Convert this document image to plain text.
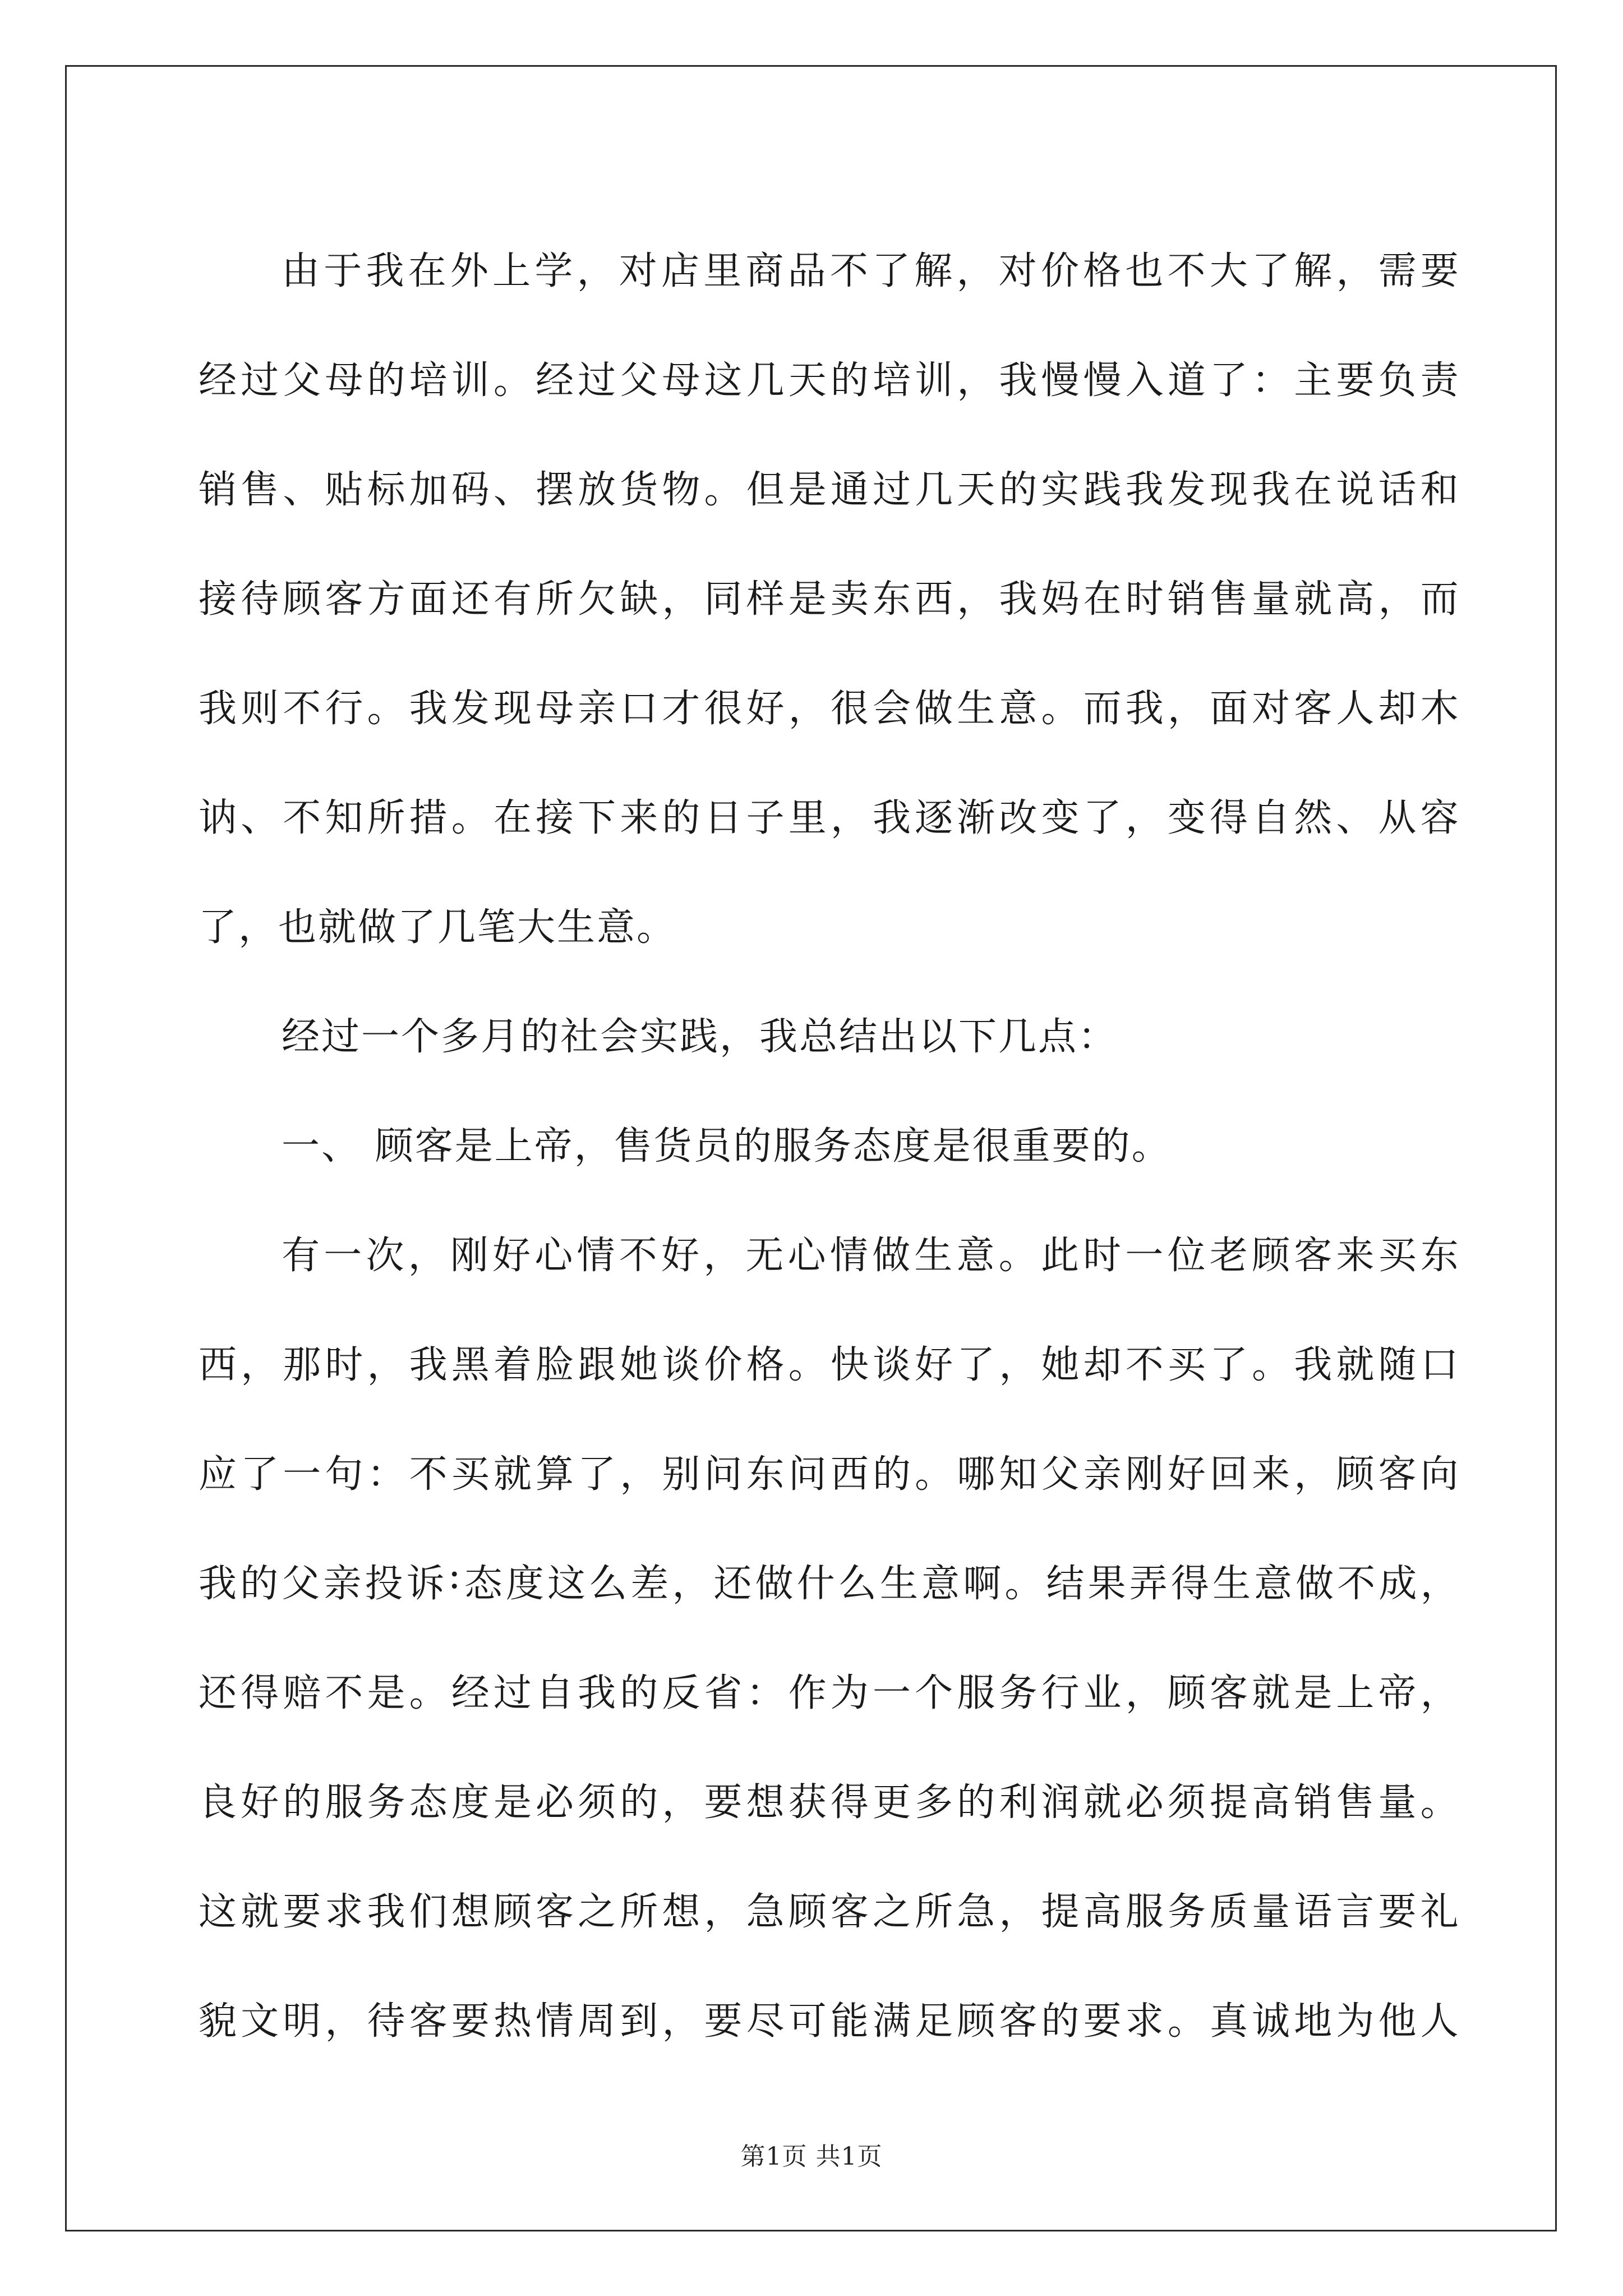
由 于 我 在 外 上 学 ， 对 店 里 商 品 不 了 解 ， 对 价 格 也 不 大 了 解 ， 需 要
经 过 父 母 的 培 训 。 经 过 父 母 这 几 天 的 培 训 ， 我 慢 慢 入 道 了 ： 主 要 负 责
销 售 、 贴 标 加 码 、 摆 放 货 物 。 但 是 通 过 几 天 的 实 践 我 发 现 我 在 说 话 和
接 待 顾 客 方 面 还 有 所 欠 缺 ， 同 样 是 卖 东 西 ， 我 妈 在 时 销 售 量 就 高 ， 而
我 则 不 行 。 我 发 现 母 亲 口 才 很 好 ， 很 会 做 生 意 。 而 我 ， 面 对 客 人 却 木
讷 、 不 知 所 措 。 在 接 下 来 的 日 子 里 ， 我 逐 渐 改 变 了 ， 变 得 自 然 、 从 容
了，也就做了几笔大生意。
经过一个多月的社会实践，我总结出以下几点：
一、 顾客是上帝，售货员的服务态度是很重要的。
有 一 次 ， 刚 好 心 情 不 好 ， 无 心 情 做 生 意 。 此 时 一 位 老 顾 客 来 买 东
西 ， 那 时 ， 我 黑 着 脸 跟 她 谈 价 格 。 快 谈 好 了 ， 她 却 不 买 了 。 我 就 随 口
应 了 一 句 ： 不 买 就 算 了 ， 别 问 东 问 西 的 。 哪 知 父 亲 刚 好 回 来 ， 顾 客 向
我 的 父 亲 投 诉 : 态 度 这 么 差 ， 还 做 什 么 生 意 啊 。 结 果 弄 得 生 意 做 不 成 ，
还 得 赔 不 是 。 经 过 自 我 的 反 省 ： 作 为 一 个 服 务 行 业 ， 顾 客 就 是 上 帝 ，
良 好 的 服 务 态 度 是 必 须 的 ， 要 想 获 得 更 多 的 利 润 就 必 须 提 高 销 售 量 。
这 就 要 求 我 们 想 顾 客 之 所 想 ， 急 顾 客 之 所 急 ， 提 高 服 务 质 量 语 言 要 礼
貌 文 明 ， 待 客 要 热 情 周 到 ， 要 尽 可 能 满 足 顾 客 的 要 求 。 真 诚 地 为 他 人
第1页 共1页
